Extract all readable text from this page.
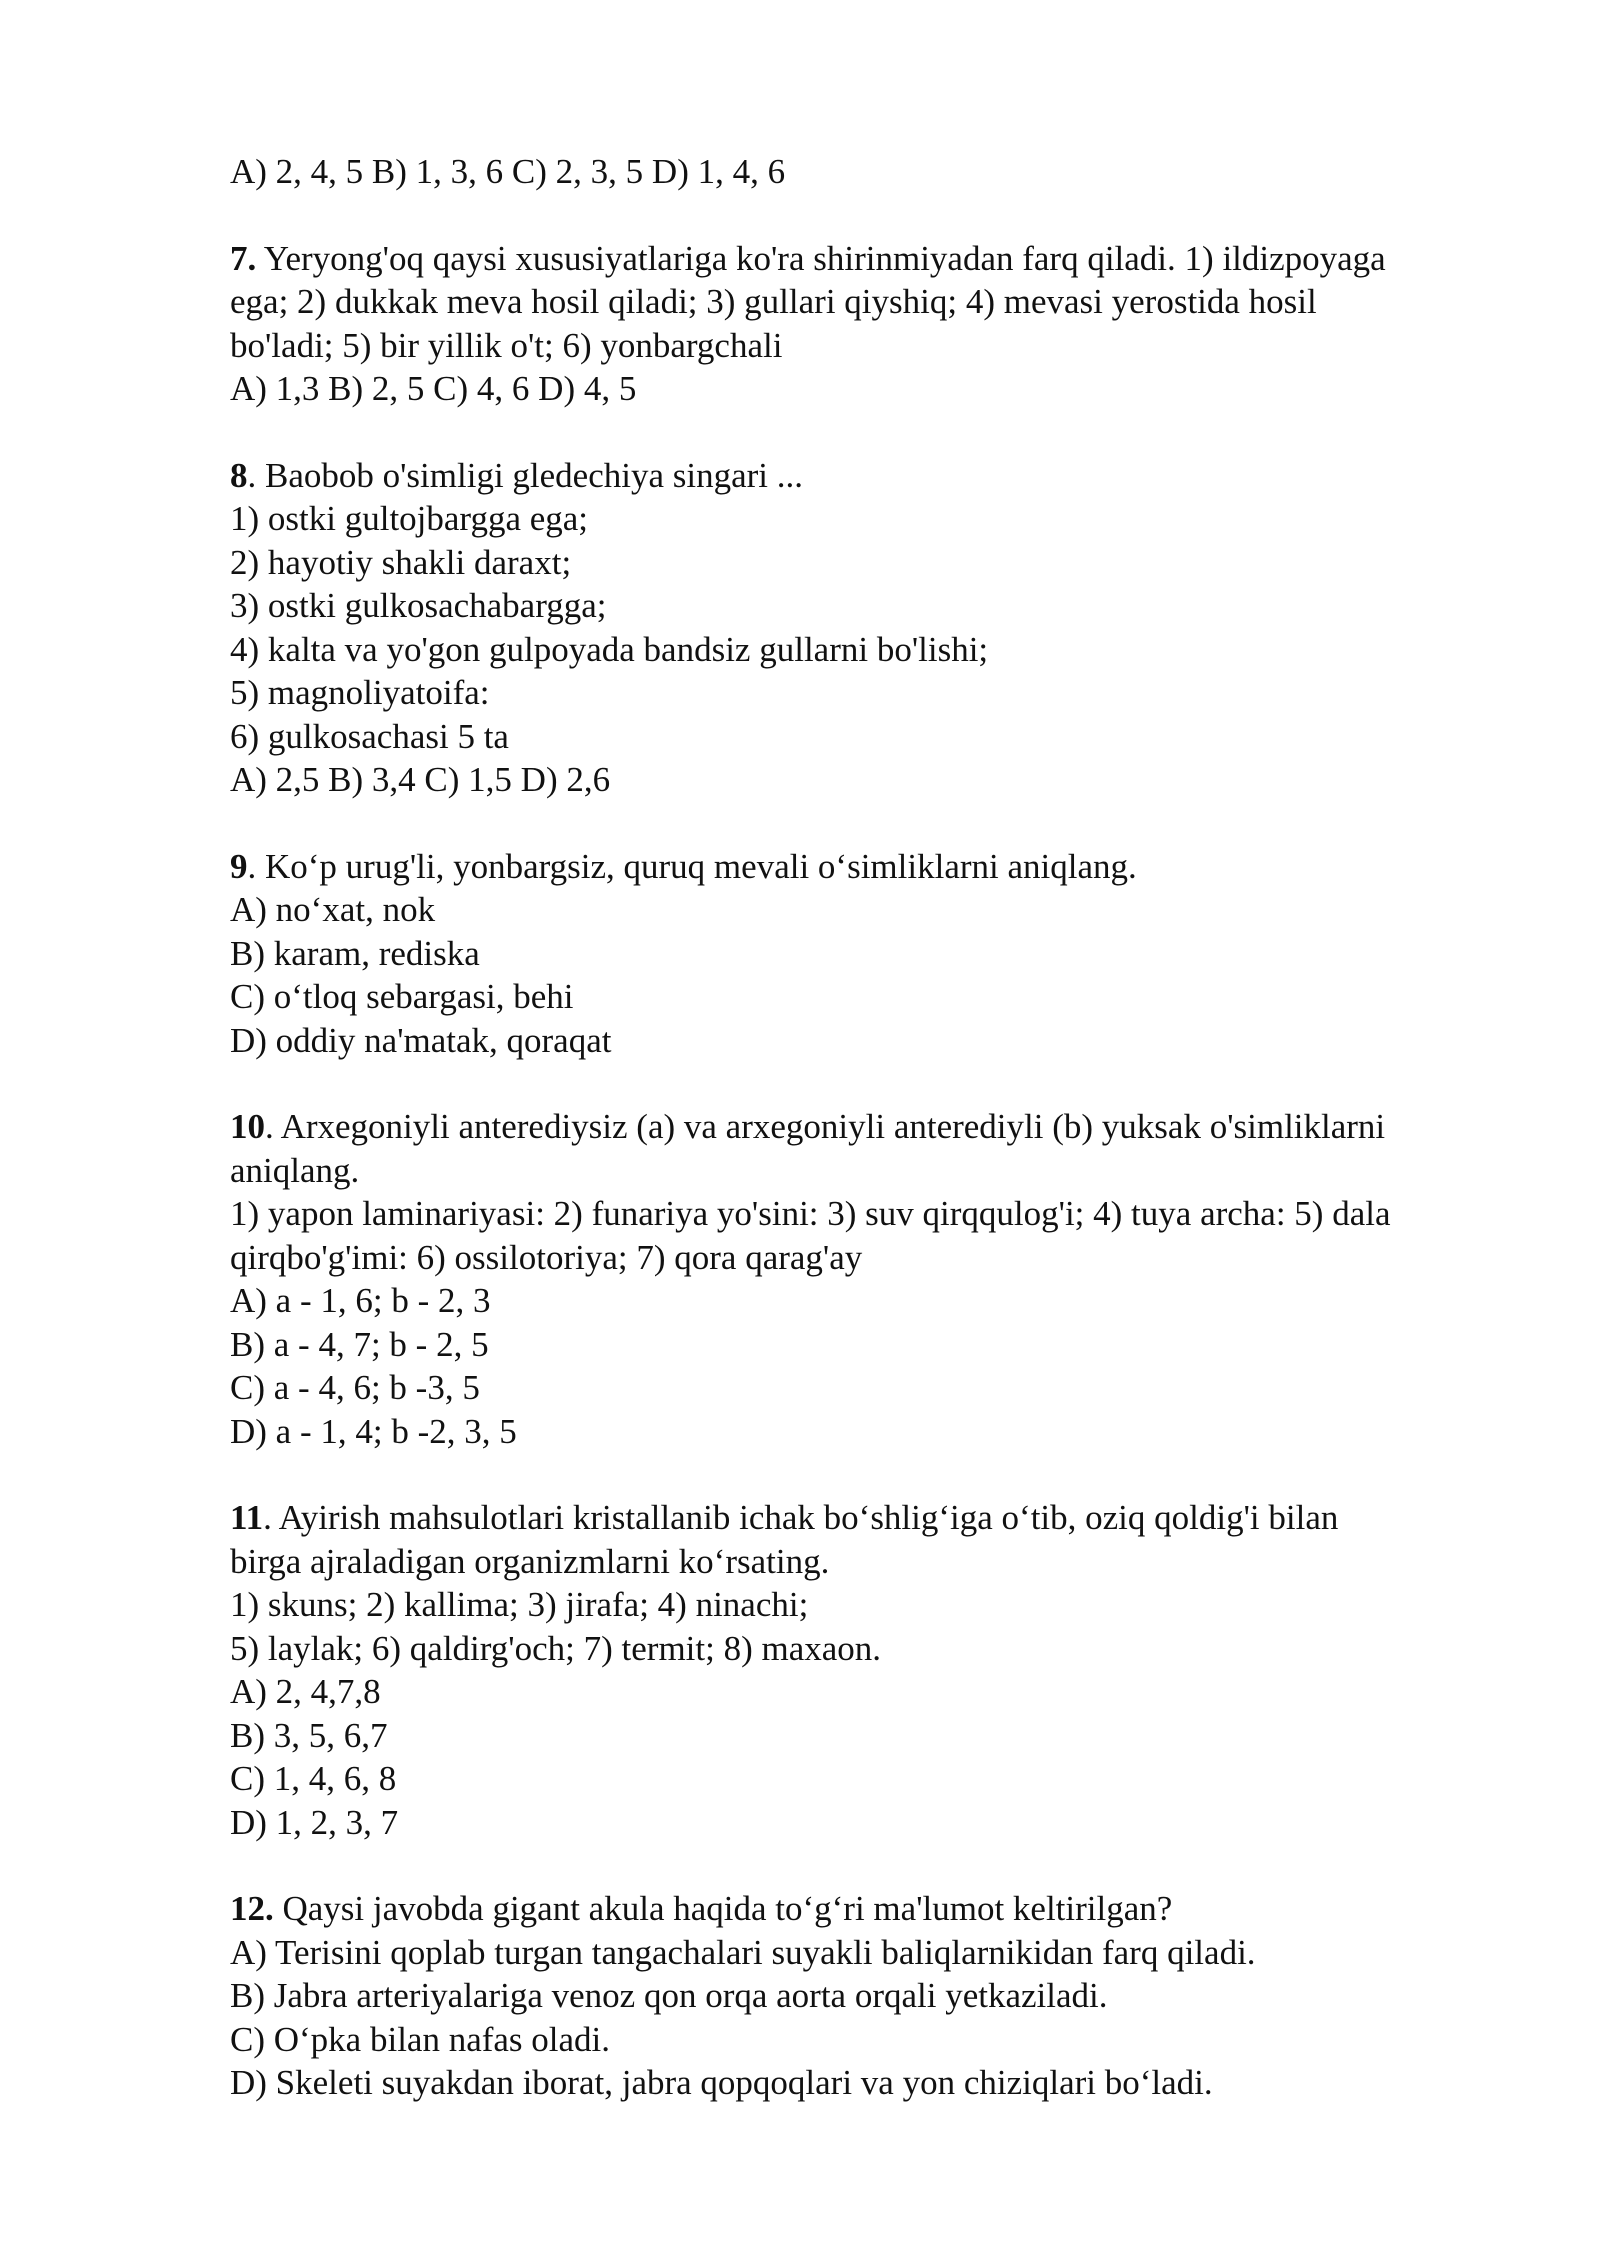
A) 2, 4, 5 B) 1, 3, 6 C) 2, 3, 5 D) 1, 4, 6
7. Yeryong'oq qaysi xususiyatlariga ko'ra shirinmiyadan farq qiladi. 1) ildizpoyaga
ega; 2) dukkak meva hosil qiladi; 3) gullari qiyshiq; 4) mevasi yerostida hosil
bo'ladi; 5) bir yillik o't; 6) yonbargchali
A) 1,3 B) 2, 5 C) 4, 6 D) 4, 5
8. Baobob o'simligi gledechiya singari ...
1) ostki gultojbargga ega;
2) hayotiy shakli daraxt;
3) ostki gulkosachabargga;
4) kalta va yo'gon gulpoyada bandsiz gullarni bo'lishi;
5) magnoliyatoifa:
6) gulkosachasi 5 ta
A) 2,5 B) 3,4 C) 1,5 D) 2,6
9. Ko‘p urug'li, yonbargsiz, quruq mevali o‘simliklarni aniqlang.
A) no‘xat, nok
B) karam, rediska
C) o‘tloq sebargasi, behi
D) oddiy na'matak, qoraqat
10. Arxegoniyli anterediysiz (a) va arxegoniyli anterediyli (b) yuksak o'simliklarni
aniqlang.
1) yapon laminariyasi: 2) funariya yo'sini: 3) suv qirqqulog'i; 4) tuya archa: 5) dala
qirqbo'g'imi: 6) ossilotoriya; 7) qora qarag'ay
A) a - 1, 6; b - 2, 3
B) a - 4, 7; b - 2, 5
C) a - 4, 6; b -3, 5
D) a - 1, 4; b -2, 3, 5
11. Ayirish mahsulotlari kristallanib ichak bo‘shlig‘iga o‘tib, oziq qoldig'i bilan
birga ajraladigan organizmlarni ko‘rsating.
1) skuns; 2) kallima; 3) jirafa; 4) ninachi;
5) laylak; 6) qaldirg'och; 7) termit; 8) maxaon.
A) 2, 4,7,8
B) 3, 5, 6,7
C) 1, 4, 6, 8
D) 1, 2, 3, 7
12. Qaysi javobda gigant akula haqida to‘g‘ri ma'lumot keltirilgan?
A) Terisini qoplab turgan tangachalari suyakli baliqlarnikidan farq qiladi.
B) Jabra arteriyalariga venoz qon orqa aorta orqali yetkaziladi.
C) O‘pka bilan nafas oladi.
D) Skeleti suyakdan iborat, jabra qopqoqlari va yon chiziqlari bo‘ladi.
